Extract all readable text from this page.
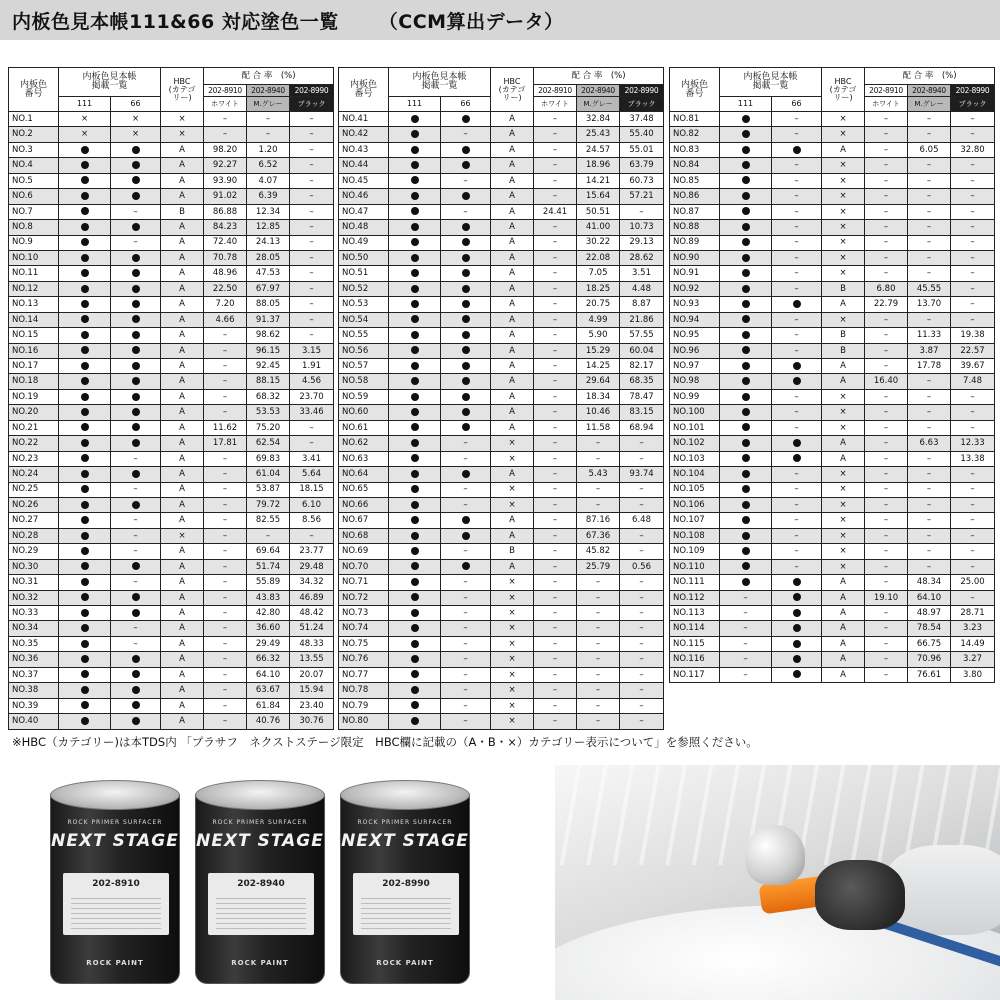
内板色見本帳111&66 対応塗色一覧 （CCM算出データ）
内板色
番号	内板色見本帳
掲載一覧		HBC
(カテゴ
リー)	配 合 率　(%)		
				202-8910	202-8940	202-8990
	111	66		ホワイト	M.グレー	ブラック
NO.1	×	×	×	–	–	–
NO.2	×	×	×	–	–	–
NO.3			A	98.20	1.20	–
NO.4			A	92.27	6.52	–
NO.5			A	93.90	4.07	–
NO.6			A	91.02	6.39	–
NO.7		–	B	86.88	12.34	–
NO.8			A	84.23	12.85	–
NO.9		–	A	72.40	24.13	–
NO.10			A	70.78	28.05	–
NO.11			A	48.96	47.53	–
NO.12			A	22.50	67.97	–
NO.13			A	7.20	88.05	–
NO.14			A	4.66	91.37	–
NO.15			A	–	98.62	–
NO.16			A	–	96.15	3.15
NO.17			A	–	92.45	1.91
NO.18			A	–	88.15	4.56
NO.19			A	–	68.32	23.70
NO.20			A	–	53.53	33.46
NO.21			A	11.62	75.20	–
NO.22			A	17.81	62.54	–
NO.23		–	A	–	69.83	3.41
NO.24			A	–	61.04	5.64
NO.25		–	A	–	53.87	18.15
NO.26			A	–	79.72	6.10
NO.27		–	A	–	82.55	8.56
NO.28		–	×	–	–	–
NO.29		–	A	–	69.64	23.77
NO.30			A	–	51.74	29.48
NO.31		–	A	–	55.89	34.32
NO.32			A	–	43.83	46.89
NO.33			A	–	42.80	48.42
NO.34		–	A	–	36.60	51.24
NO.35		–	A	–	29.49	48.33
NO.36			A	–	66.32	13.55
NO.37			A	–	64.10	20.07
NO.38			A	–	63.67	15.94
NO.39			A	–	61.84	23.40
NO.40			A	–	40.76	30.76
内板色
番号	内板色見本帳
掲載一覧		HBC
(カテゴ
リー)	配 合 率　(%)		
				202-8910	202-8940	202-8990
	111	66		ホワイト	M.グレー	ブラック
NO.41			A	–	32.84	37.48
NO.42		–	A	–	25.43	55.40
NO.43			A	–	24.57	55.01
NO.44			A	–	18.96	63.79
NO.45		–	A	–	14.21	60.73
NO.46			A	–	15.64	57.21
NO.47		–	A	24.41	50.51	–
NO.48			A	–	41.00	10.73
NO.49			A	–	30.22	29.13
NO.50			A	–	22.08	28.62
NO.51			A	–	7.05	3.51
NO.52			A	–	18.25	4.48
NO.53			A	–	20.75	8.87
NO.54			A	–	4.99	21.86
NO.55			A	–	5.90	57.55
NO.56			A	–	15.29	60.04
NO.57			A	–	14.25	82.17
NO.58			A	–	29.64	68.35
NO.59			A	–	18.34	78.47
NO.60			A	–	10.46	83.15
NO.61			A	–	11.58	68.94
NO.62		–	×	–	–	–
NO.63		–	×	–	–	–
NO.64			A	–	5.43	93.74
NO.65		–	×	–	–	–
NO.66		–	×	–	–	–
NO.67			A	–	87.16	6.48
NO.68			A	–	67.36	–
NO.69		–	B	–	45.82	–
NO.70			A	–	25.79	0.56
NO.71		–	×	–	–	–
NO.72		–	×	–	–	–
NO.73		–	×	–	–	–
NO.74		–	×	–	–	–
NO.75		–	×	–	–	–
NO.76		–	×	–	–	–
NO.77		–	×	–	–	–
NO.78		–	×	–	–	–
NO.79		–	×	–	–	–
NO.80		–	×	–	–	–
内板色
番号	内板色見本帳
掲載一覧		HBC
(カテゴ
リー)	配 合 率　(%)		
				202-8910	202-8940	202-8990
	111	66		ホワイト	M.グレー	ブラック
NO.81		–	×	–	–	–
NO.82		–	×	–	–	–
NO.83			A	–	6.05	32.80
NO.84		–	×	–	–	–
NO.85		–	×	–	–	–
NO.86		–	×	–	–	–
NO.87		–	×	–	–	–
NO.88		–	×	–	–	–
NO.89		–	×	–	–	–
NO.90		–	×	–	–	–
NO.91		–	×	–	–	–
NO.92		–	B	6.80	45.55	–
NO.93			A	22.79	13.70	–
NO.94		–	×	–	–	–
NO.95		–	B	–	11.33	19.38
NO.96		–	B	–	3.87	22.57
NO.97			A	–	17.78	39.67
NO.98			A	16.40	–	7.48
NO.99		–	×	–	–	–
NO.100		–	×	–	–	–
NO.101		–	×	–	–	–
NO.102			A	–	6.63	12.33
NO.103			A	–	–	13.38
NO.104		–	×	–	–	–
NO.105		–	×	–	–	–
NO.106		–	×	–	–	–
NO.107		–	×	–	–	–
NO.108		–	×	–	–	–
NO.109		–	×	–	–	–
NO.110		–	×	–	–	–
NO.111			A	–	48.34	25.00
NO.112	–		A	19.10	64.10	–
NO.113	–		A	–	48.97	28.71
NO.114	–		A	–	78.54	3.23
NO.115	–		A	–	66.75	14.49
NO.116	–		A	–	70.96	3.27
NO.117	–		A	–	76.61	3.80
※HBC（カテゴリー)は本TDS内 「プラサフ　ネクストステージ限定　HBC欄に記載の（A・B・×）カテゴリー表示について」を参照ください。
ROCK PRIMER SURFACER
NEXT STAGE
202-8910
ROCK PAINT
ROCK PRIMER SURFACER
NEXT STAGE
202-8940
ROCK PAINT
ROCK PRIMER SURFACER
NEXT STAGE
202-8990
ROCK PAINT
